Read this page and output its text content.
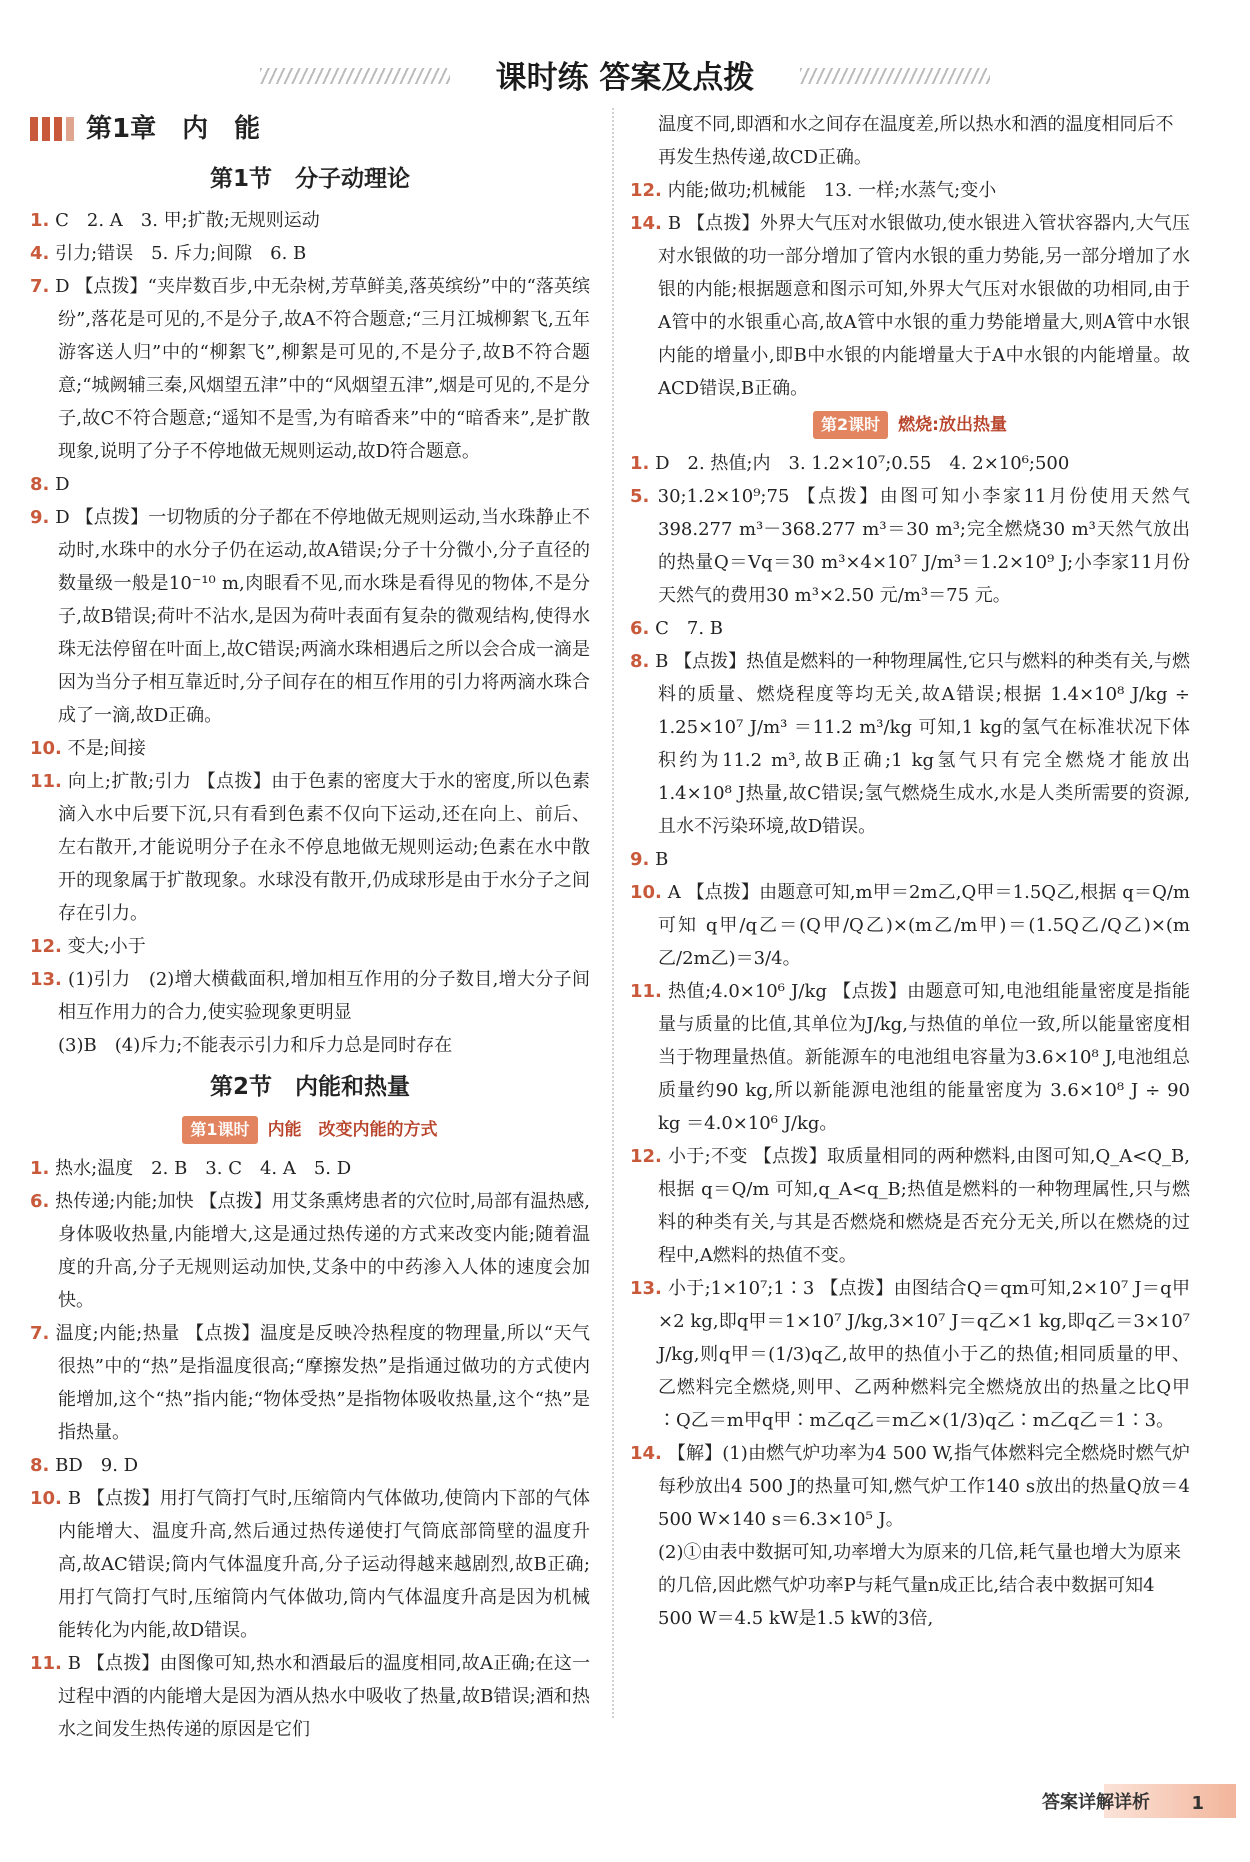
课时练 答案及点拨
第1章　内　能
第1节　分子动理论

1. C　2. A　3. 甲;扩散;无规则运动

4. 引力;错误　5. 斥力;间隙　6. B

7. D 【点拨】“夹岸数百步,中无杂树,芳草鲜美,落英缤纷”中的“落英缤纷”,落花是可见的,不是分子,故A不符合题意;“三月江城柳絮飞,五年游客送人归”中的“柳絮飞”,柳絮是可见的,不是分子,故B不符合题意;“城阙辅三秦,风烟望五津”中的“风烟望五津”,烟是可见的,不是分子,故C不符合题意;“遥知不是雪,为有暗香来”中的“暗香来”,是扩散现象,说明了分子不停地做无规则运动,故D符合题意。

8. D

9. D 【点拨】一切物质的分子都在不停地做无规则运动,当水珠静止不动时,水珠中的水分子仍在运动,故A错误;分子十分微小,分子直径的数量级一般是10⁻¹⁰ m,肉眼看不见,而水珠是看得见的物体,不是分子,故B错误;荷叶不沾水,是因为荷叶表面有复杂的微观结构,使得水珠无法停留在叶面上,故C错误;两滴水珠相遇后之所以会合成一滴是因为当分子相互靠近时,分子间存在的相互作用的引力将两滴水珠合成了一滴,故D正确。

10. 不是;间接

11. 向上;扩散;引力 【点拨】由于色素的密度大于水的密度,所以色素滴入水中后要下沉,只有看到色素不仅向下运动,还在向上、前后、左右散开,才能说明分子在永不停息地做无规则运动;色素在水中散开的现象属于扩散现象。水球没有散开,仍成球形是由于水分子之间存在引力。

12. 变大;小于

13. (1)引力　(2)增大横截面积,增加相互作用的分子数目,增大分子间相互作用力的合力,使实验现象更明显

(3)B　(4)斥力;不能表示引力和斥力总是同时存在

第2节　内能和热量
第1课时 内能　改变内能的方式

1. 热水;温度　2. B　3. C　4. A　5. D

6. 热传递;内能;加快 【点拨】用艾条熏烤患者的穴位时,局部有温热感,身体吸收热量,内能增大,这是通过热传递的方式来改变内能;随着温度的升高,分子无规则运动加快,艾条中的中药渗入人体的速度会加快。

7. 温度;内能;热量 【点拨】温度是反映冷热程度的物理量,所以“天气很热”中的“热”是指温度很高;“摩擦发热”是指通过做功的方式使内能增加,这个“热”指内能;“物体受热”是指物体吸收热量,这个“热”是指热量。

8. BD　9. D

10. B 【点拨】用打气筒打气时,压缩筒内气体做功,使筒内下部的气体内能增大、温度升高,然后通过热传递使打气筒底部筒壁的温度升高,故AC错误;筒内气体温度升高,分子运动得越来越剧烈,故B正确;用打气筒打气时,压缩筒内气体做功,筒内气体温度升高是因为机械能转化为内能,故D错误。

11. B 【点拨】由图像可知,热水和酒最后的温度相同,故A正确;在这一过程中酒的内能增大是因为酒从热水中吸收了热量,故B错误;酒和热水之间发生热传递的原因是它们

温度不同,即酒和水之间存在温度差,所以热水和酒的温度相同后不再发生热传递,故CD正确。

12. 内能;做功;机械能　13. 一样;水蒸气;变小

14. B 【点拨】外界大气压对水银做功,使水银进入管状容器内,大气压对水银做的功一部分增加了管内水银的重力势能,另一部分增加了水银的内能;根据题意和图示可知,外界大气压对水银做的功相同,由于A管中的水银重心高,故A管中水银的重力势能增量大,则A管中水银内能的增量小,即B中水银的内能增量大于A中水银的内能增量。故ACD错误,B正确。

第2课时 燃烧:放出热量

1. D　2. 热值;内　3. 1.2×10⁷;0.55　4. 2×10⁶;500

5. 30;1.2×10⁹;75 【点拨】由图可知小李家11月份使用天然气398.277 m³－368.277 m³＝30 m³;完全燃烧30 m³天然气放出的热量Q＝Vq＝30 m³×4×10⁷ J/m³＝1.2×10⁹ J;小李家11月份天然气的费用30 m³×2.50 元/m³＝75 元。

6. C　7. B

8. B 【点拨】热值是燃料的一种物理属性,它只与燃料的种类有关,与燃料的质量、燃烧程度等均无关,故A错误;根据 1.4×10⁸ J/kg ÷ 1.25×10⁷ J/m³ ＝11.2 m³/kg 可知,1 kg的氢气在标准状况下体积约为11.2 m³,故B正确;1 kg氢气只有完全燃烧才能放出1.4×10⁸ J热量,故C错误;氢气燃烧生成水,水是人类所需要的资源,且水不污染环境,故D错误。

9. B

10. A 【点拨】由题意可知,m甲＝2m乙,Q甲＝1.5Q乙,根据 q＝Q/m 可知 q甲/q乙＝(Q甲/Q乙)×(m乙/m甲)＝(1.5Q乙/Q乙)×(m乙/2m乙)＝3/4。

11. 热值;4.0×10⁶ J/kg 【点拨】由题意可知,电池组能量密度是指能量与质量的比值,其单位为J/kg,与热值的单位一致,所以能量密度相当于物理量热值。新能源车的电池组电容量为3.6×10⁸ J,电池组总质量约90 kg,所以新能源电池组的能量密度为 3.6×10⁸ J ÷ 90 kg ＝4.0×10⁶ J/kg。

12. 小于;不变 【点拨】取质量相同的两种燃料,由图可知,Q_A<Q_B,根据 q＝Q/m 可知,q_A<q_B;热值是燃料的一种物理属性,只与燃料的种类有关,与其是否燃烧和燃烧是否充分无关,所以在燃烧的过程中,A燃料的热值不变。

13. 小于;1×10⁷;1∶3 【点拨】由图结合Q＝qm可知,2×10⁷ J＝q甲×2 kg,即q甲＝1×10⁷ J/kg,3×10⁷ J＝q乙×1 kg,即q乙＝3×10⁷ J/kg,则q甲＝(1/3)q乙,故甲的热值小于乙的热值;相同质量的甲、乙燃料完全燃烧,则甲、乙两种燃料完全燃烧放出的热量之比Q甲∶Q乙＝m甲q甲∶m乙q乙＝m乙×(1/3)q乙∶m乙q乙＝1∶3。

14. 【解】(1)由燃气炉功率为4 500 W,指气体燃料完全燃烧时燃气炉每秒放出4 500 J的热量可知,燃气炉工作140 s放出的热量Q放＝4 500 W×140 s＝6.3×10⁵ J。

(2)①由表中数据可知,功率增大为原来的几倍,耗气量也增大为原来的几倍,因此燃气炉功率P与耗气量n成正比,结合表中数据可知4 500 W＝4.5 kW是1.5 kW的3倍,

答案详解详析 1
